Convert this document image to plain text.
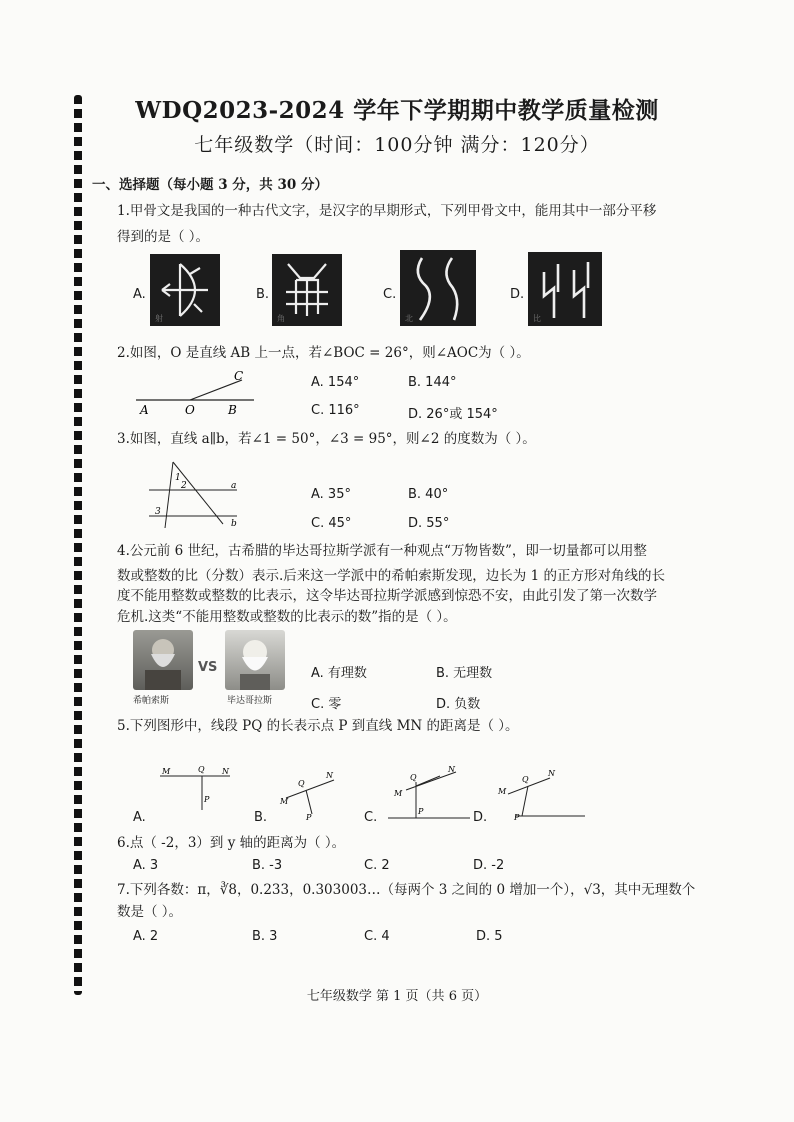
WDQ2023-2024 学年下学期期中教学质量检测
七年级数学（时间：100分钟 满分：120分）
一、选择题（每小题 3 分，共 30 分）
1.甲骨文是我国的一种古代文字，是汉字的早期形式，下列甲骨文中，能用其中一部分平移
得到的是（ ）。
A.
射
B.
角
C.
北
D.
比
2.如图，O 是直线 AB 上一点，若∠BOC = 26°，则∠AOC为（ ）。
A	O	B
C	A. 154°	B. 144°
C. 116°	D. 26°或 154°
3.如图，直线 a∥b，若∠1 = 50°，∠3 = 95°，则∠2 的度数为（ ）。
1
2
3
a
b
A. 35°	B. 40°
C. 45°	D. 55°
4.公元前 6 世纪，古希腊的毕达哥拉斯学派有一种观点“万物皆数”，即一切量都可以用整
数或整数的比（分数）表示.后来这一学派中的希帕索斯发现，边长为 1 的正方形对角线的长
度不能用整数或整数的比表示，这令毕达哥拉斯学派感到惊恐不安，由此引发了第一次数学
危机.这类“不能用整数或整数的比表示的数”指的是（ ）。
VS
希帕索斯	毕达哥拉斯
A. 有理数	B. 无理数
C. 零	D. 负数
5.下列图形中，线段 PQ 的长表示点 P 到直线 MN 的距离是（ ）。
M	Q N
P	M
N
Q
P
M
Q
N
P
M
Q
N
P
A.	B.	C.	D.
6.点（ -2，3）到 y 轴的距离为（ ）。
A. 3	B. -3	C. 2	D. -2
7.下列各数：π，∛8，0.233，0.303003…（每两个 3 之间的 0 增加一个），√3，其中无理数个
数是（ ）。
A. 2	B. 3	C. 4	D. 5
七年级数学 第 1 页（共 6 页）
